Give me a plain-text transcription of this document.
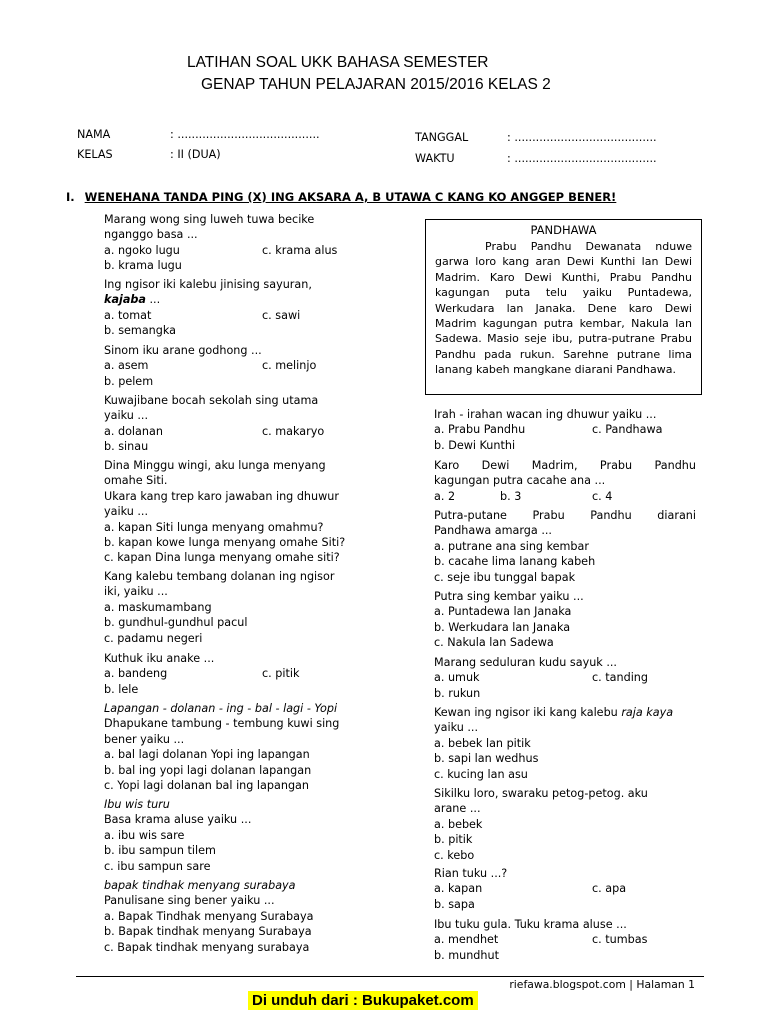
LATIHAN SOAL UKK BAHASA SEMESTER
GENAP TAHUN PELAJARAN 2015/2016 KELAS 2
NAMA	: ........................................
KELAS	: II (DUA)
TANGGAL	: ........................................
WAKTU	: ........................................
I. WENEHANA TANDA PING (X) ING AKSARA A, B UTAWA C KANG KO ANGGEP BENER!
PANDHAWA
Prabu Pandhu Dewanata nduwe garwa loro kang aran Dewi Kunthi lan Dewi Madrim. Karo Dewi Kunthi, Prabu Pandhu kagungan puta telu yaiku Puntadewa, Werkudara lan Janaka. Dene karo Dewi Madrim kagungan putra kembar, Nakula lan Sadewa. Masio seje ibu, putra-putrane Prabu Pandhu pada rukun. Sarehne putrane lima lanang kabeh mangkane diarani Pandhawa.
Marang wong sing luweh tuwa becike
nganggo basa ...
a. ngoko lugu	c. krama alus
b. krama lugu
Ing ngisor iki kalebu jinising sayuran,
kajaba ...
a. tomat	c. sawi
b. semangka
Sinom iku arane godhong ...
a. asem	c. melinjo
b. pelem
Kuwajibane bocah sekolah sing utama
yaiku ...
a. dolanan	c. makaryo
b. sinau
Dina Minggu wingi, aku lunga menyang
omahe Siti.
Ukara kang trep karo jawaban ing dhuwur
yaiku ...
a. kapan Siti lunga menyang omahmu?
b. kapan kowe lunga menyang omahe Siti?
c. kapan Dina lunga menyang omahe siti?
Kang kalebu tembang dolanan ing ngisor
iki, yaiku ...
a. maskumambang
b. gundhul-gundhul pacul
c. padamu negeri
Kuthuk iku anake ...
a. bandeng	c. pitik
b. lele
Lapangan - dolanan - ing - bal - lagi - Yopi
Dhapukane tambung - tembung kuwi sing
bener yaiku ...
a. bal lagi dolanan Yopi ing lapangan
b. bal ing yopi lagi dolanan lapangan
c. Yopi lagi dolanan bal ing lapangan
Ibu wis turu
Basa krama aluse yaiku ...
a. ibu wis sare
b. ibu sampun tilem
c. ibu sampun sare
bapak tindhak menyang surabaya
Panulisane sing bener yaiku ...
a. Bapak Tindhak menyang Surabaya
b. Bapak tindhak menyang Surabaya
c. Bapak tindhak menyang surabaya
Irah - irahan wacan ing dhuwur yaiku ...
a. Prabu Pandhu	c. Pandhawa
b. Dewi Kunthi
Karo Dewi Madrim, Prabu Pandhu
kagungan putra cacahe ana ...
a. 2	b. 3	c. 4
Putra-putane Prabu Pandhu diarani
Pandhawa amarga ...
a. putrane ana sing kembar
b. cacahe lima lanang kabeh
c. seje ibu tunggal bapak
Putra sing kembar yaiku ...
a. Puntadewa lan Janaka
b. Werkudara lan Janaka
c. Nakula lan Sadewa
Marang seduluran kudu sayuk ...
a. umuk	c. tanding
b. rukun
Kewan ing ngisor iki kang kalebu raja kaya
yaiku ...
a. bebek lan pitik
b. sapi lan wedhus
c. kucing lan asu
Sikilku loro, swaraku petog-petog. aku
arane ...
a. bebek
b. pitik
c. kebo
Rian tuku ...?
a. kapan	c. apa
b. sapa
Ibu tuku gula. Tuku krama aluse ...
a. mendhet	c. tumbas
b. mundhut
riefawa.blogspot.com | Halaman 1
Di unduh dari : Bukupaket.com
